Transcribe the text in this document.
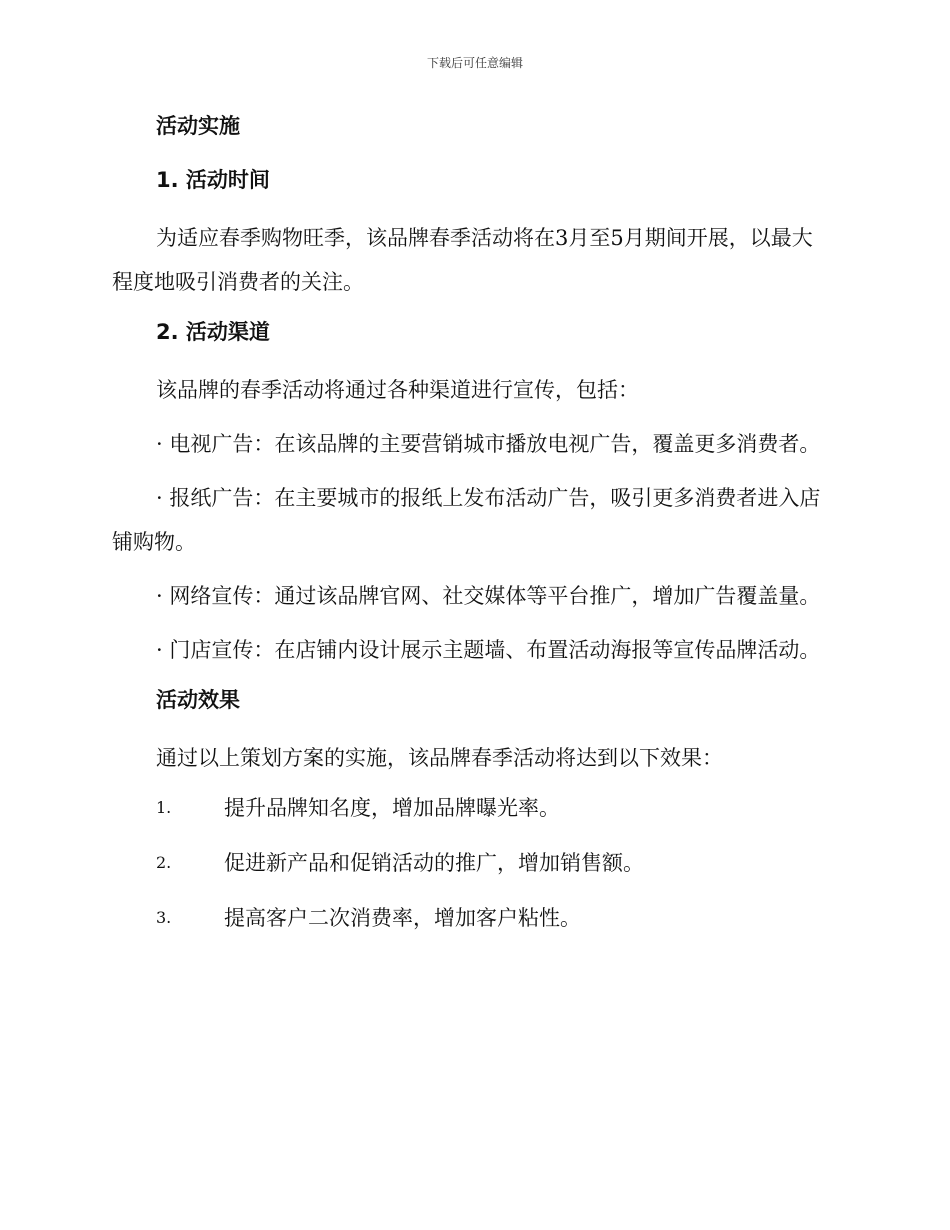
下载后可任意编辑
活动实施
1. 活动时间

为适应春季购物旺季，该品牌春季活动将在3月至5月期间开展，以最大程度地吸引消费者的关注。

2. 活动渠道

该品牌的春季活动将通过各种渠道进行宣传，包括：

· 电视广告：在该品牌的主要营销城市播放电视广告，覆盖更多消费者。

· 报纸广告：在主要城市的报纸上发布活动广告，吸引更多消费者进入店铺购物。

· 网络宣传：通过该品牌官网、社交媒体等平台推广，增加广告覆盖量。

· 门店宣传：在店铺内设计展示主题墙、布置活动海报等宣传品牌活动。

活动效果

通过以上策划方案的实施，该品牌春季活动将达到以下效果：

1.	提升品牌知名度，增加品牌曝光率。
2.	促进新产品和促销活动的推广，增加销售额。
3.	提高客户二次消费率，增加客户粘性。
